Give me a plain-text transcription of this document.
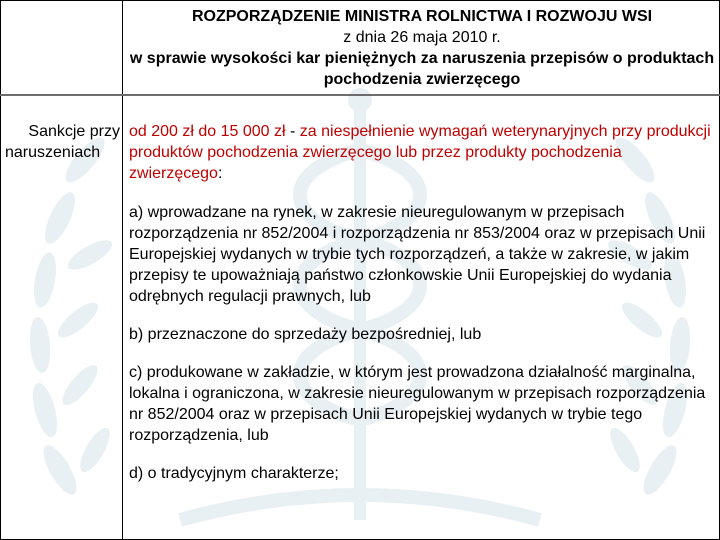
ROZPORZĄDZENIE MINISTRA ROLNICTWA I ROZWOJU WSI
z dnia 26 maja 2010 r.
w sprawie wysokości kar pieniężnych za naruszenia przepisów o produktach pochodzenia zwierzęcego
Sankcje przy
naruszeniach

od 200 zł do 15 000 zł - za niespełnienie wymagań weterynaryjnych przy produkcji produktów pochodzenia zwierzęcego lub przez produkty pochodzenia zwierzęcego:

a) wprowadzane na rynek, w zakresie nieuregulowanym w przepisach rozporządzenia nr 852/2004 i rozporządzenia nr 853/2004 oraz w przepisach Unii Europejskiej wydanych w trybie tych rozporządzeń, a także w zakresie, w jakim przepisy te upoważniają państwo członkowskie Unii Europejskiej do wydania odrębnych regulacji prawnych, lub

b) przeznaczone do sprzedaży bezpośredniej, lub

c) produkowane w zakładzie, w którym jest prowadzona działalność marginalna, lokalna i ograniczona, w zakresie nieuregulowanym w przepisach rozporządzenia nr 852/2004 oraz w przepisach Unii Europejskiej wydanych w trybie tego rozporządzenia, lub

d) o tradycyjnym charakterze;
